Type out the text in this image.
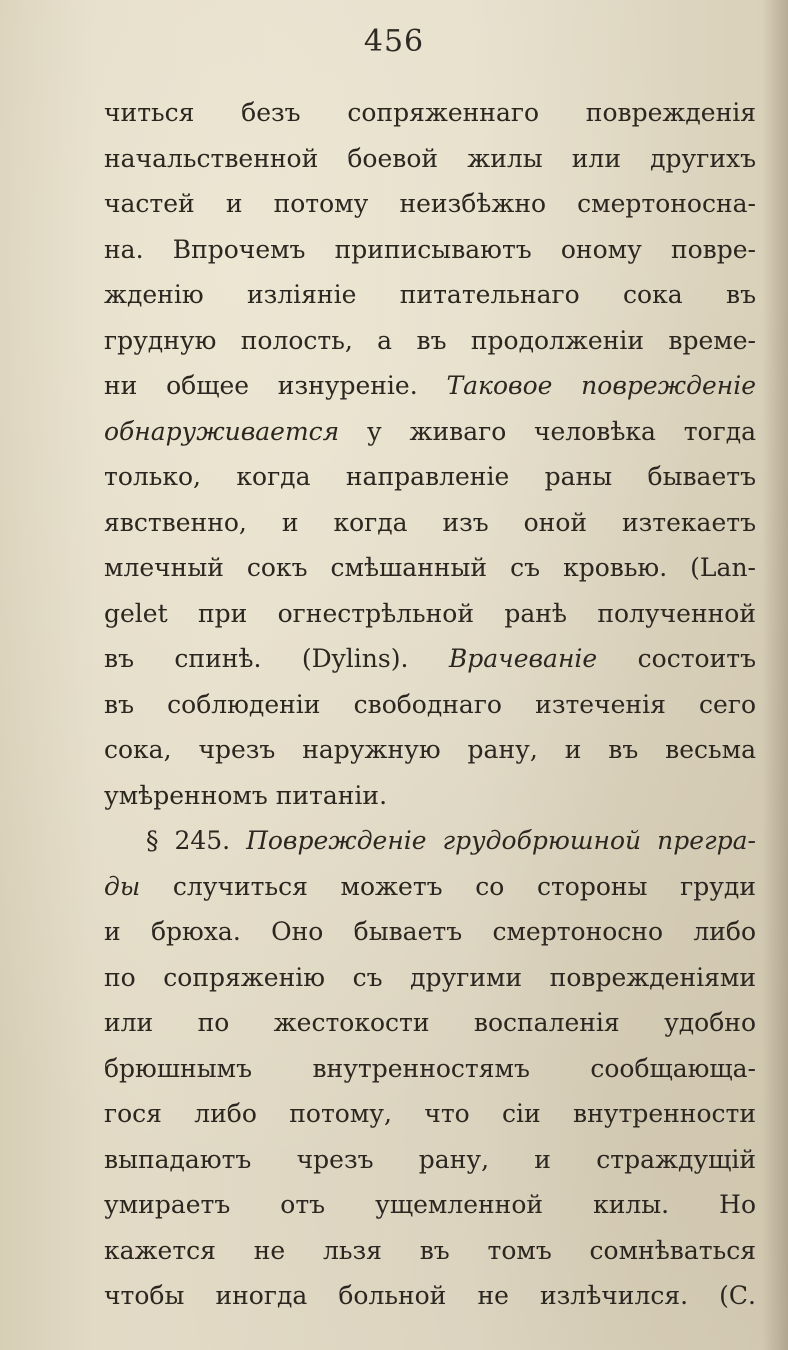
456
читься безъ сопряженнаго поврежденія
начальственной боевой жилы или другихъ
частей и потому неизбѣжно смертоносна-
на. Впрочемъ приписываютъ оному повре-
жденію изліяніе питательнаго сока въ
грудную полость, а въ продолженіи време-
ни общее изнуреніе. Таковое поврежденіе
обнаруживается у живаго человѣка тогда
только, когда направленіе раны бываетъ
явственно, и когда изъ оной изтекаетъ
млечный сокъ смѣшанный съ кровью. (Lan-
gelet при огнестрѣльной ранѣ полученной
въ спинѣ. (Dylins). Врачеваніе состоитъ
въ соблюденіи свободнаго изтеченія сего
сока, чрезъ наружную рану, и въ весьма
умѣренномъ питаніи.
§ 245. Поврежденіе грудобрюшной прегра-
ды случиться можетъ со стороны груди
и брюха. Оно бываетъ смертоносно либо
по сопряженію съ другими поврежденіями
или по жестокости воспаленія удобно
брюшнымъ внутренностямъ сообщающа-
гося либо потому, что сіи внутренности
выпадаютъ чрезъ рану, и страждущій
умираетъ отъ ущемленной килы. Но
кажется не льзя въ томъ сомнѣваться
чтобы иногда больной не излѣчился. (С.
